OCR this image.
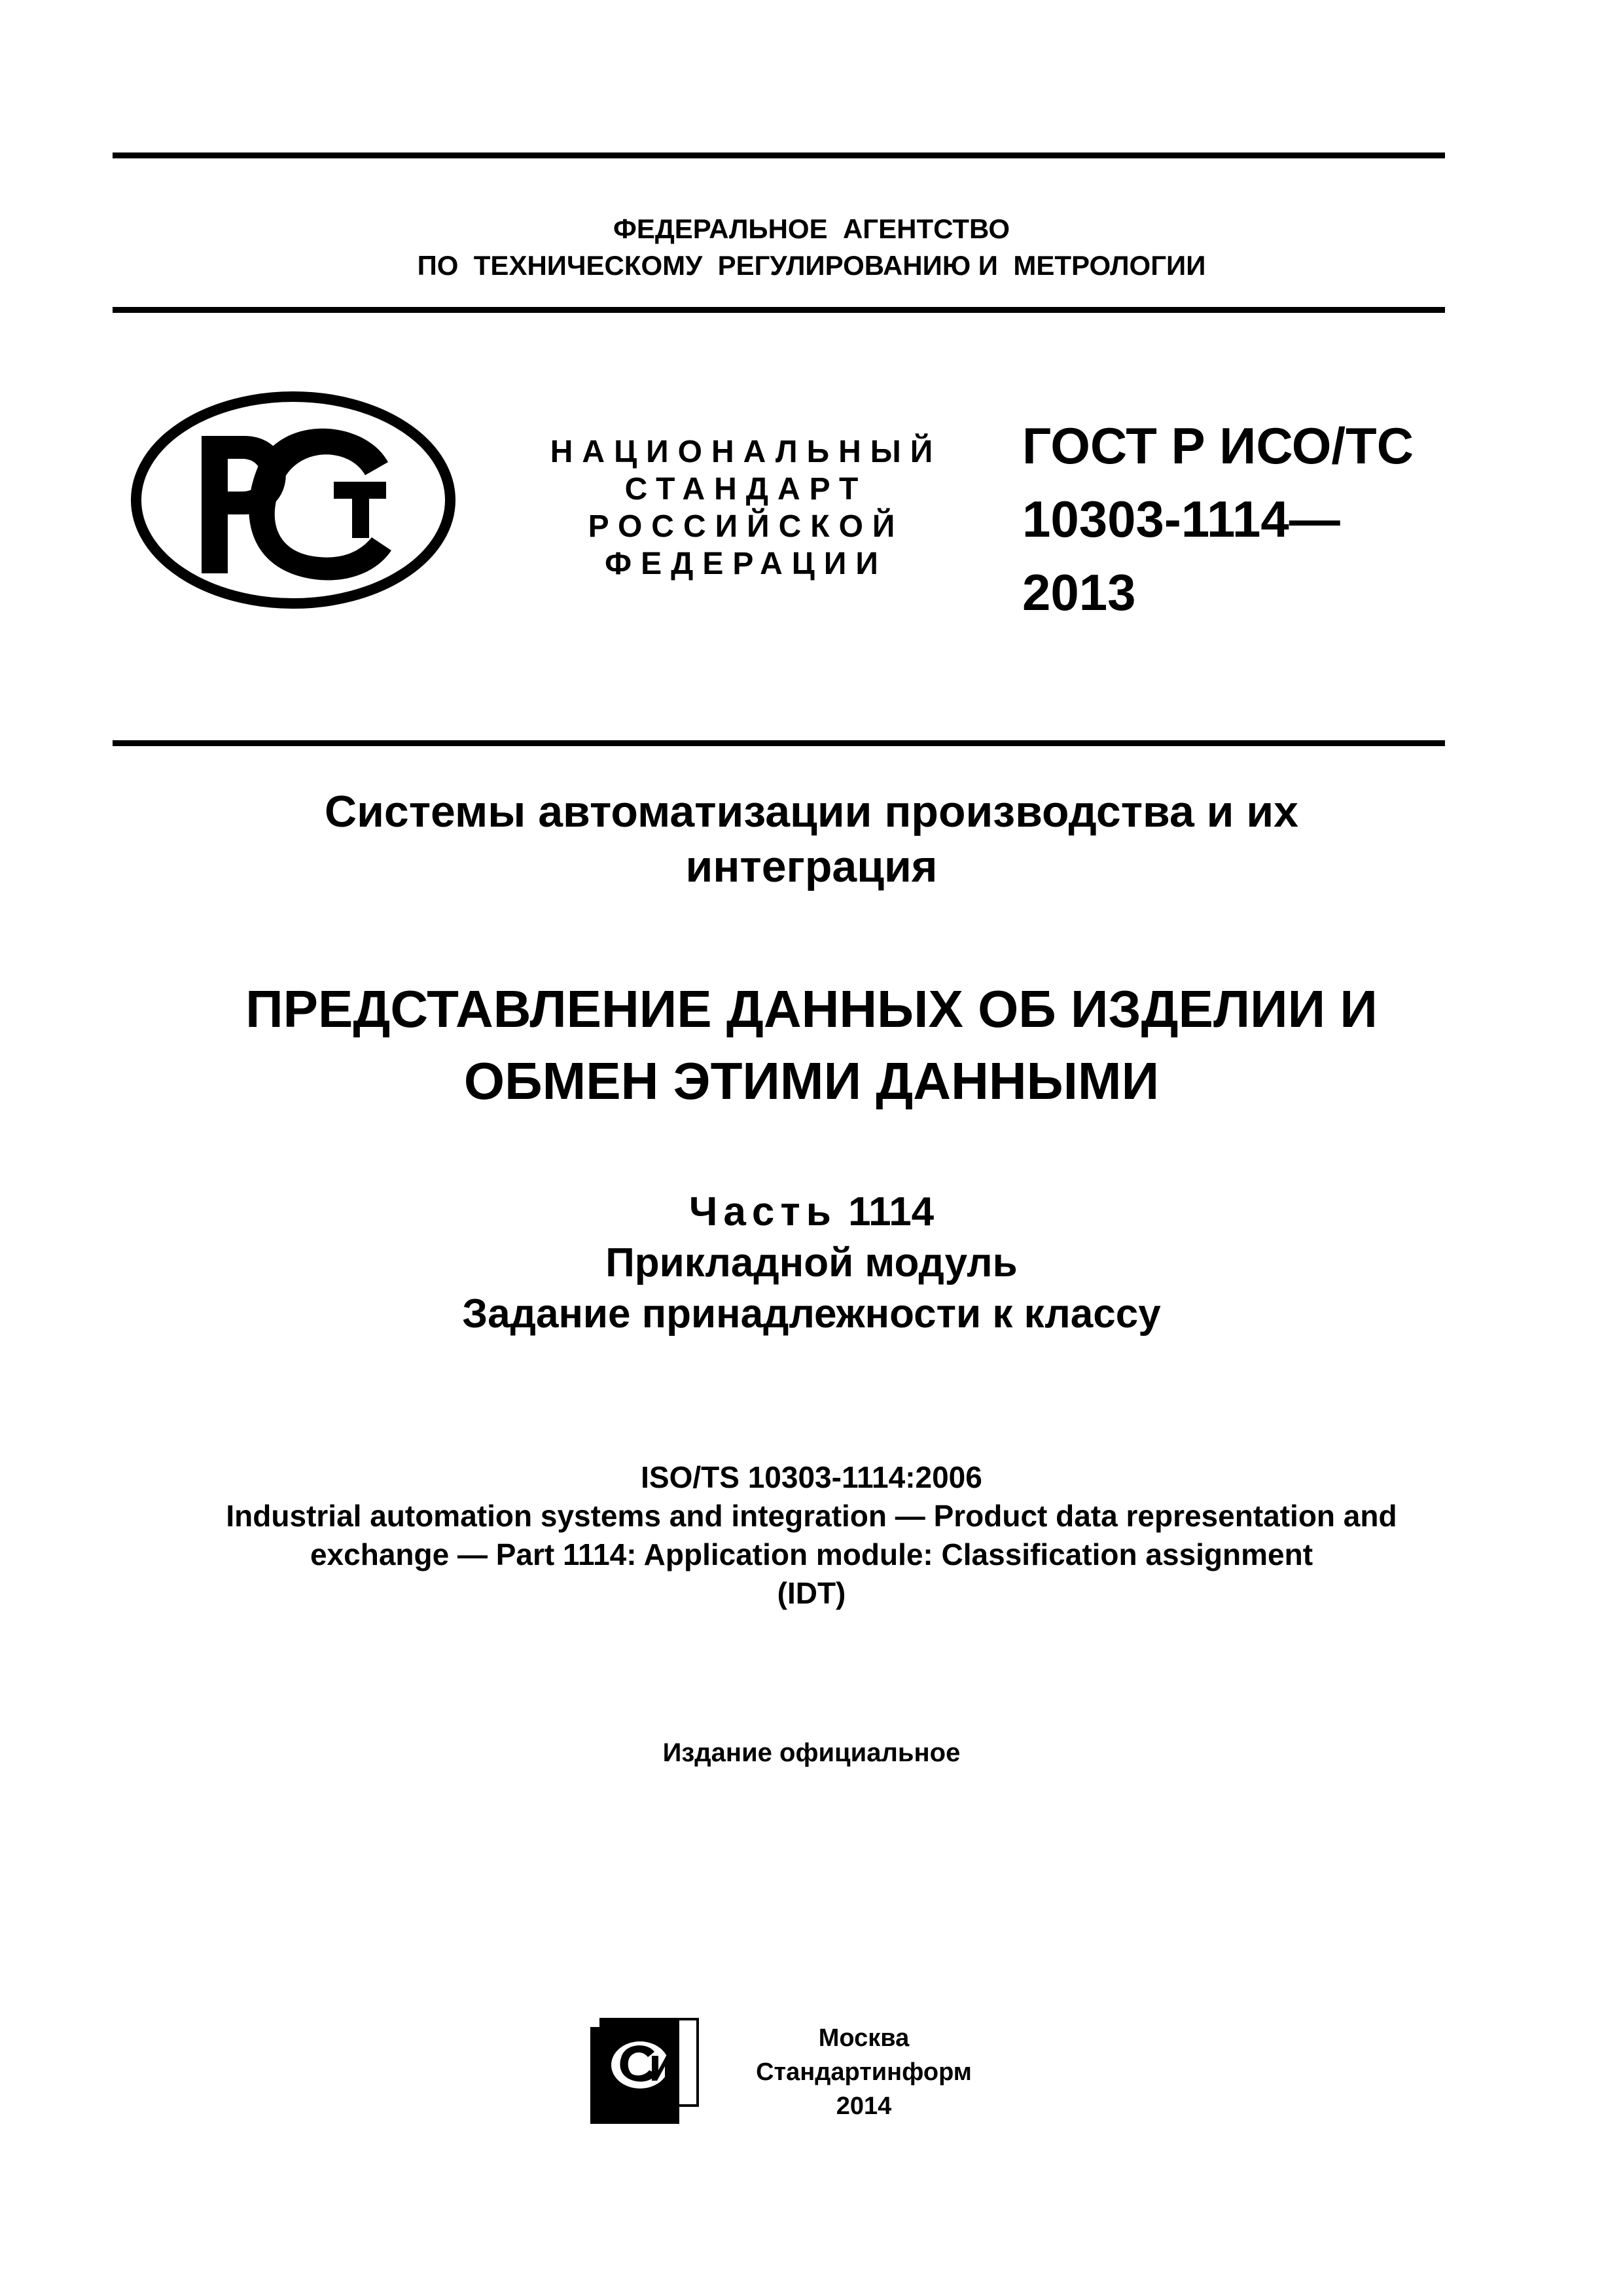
ФЕДЕРАЛЬНОЕ  АГЕНТСТВО
ПО  ТЕХНИЧЕСКОМУ  РЕГУЛИРОВАНИЮ И  МЕТРОЛОГИИ
НАЦИОНАЛЬНЫЙ
СТАНДАРТ
РОССИЙСКОЙ
ФЕДЕРАЦИИ
ГОСТ Р ИСО/ТС
10303-1114—
2013
Системы автоматизации производства и их
интеграция
ПРЕДСТАВЛЕНИЕ ДАННЫХ ОБ ИЗДЕЛИИ И
ОБМЕН ЭТИМИ ДАННЫМИ
Часть 1114
Прикладной модуль
Задание принадлежности к классу
ISO/TS 10303-1114:2006
Industrial automation systems and integration — Product data representation and
exchange — Part 1114: Application module: Classification assignment
(IDT)
Издание официальное
Москва
Стандартинформ
2014
